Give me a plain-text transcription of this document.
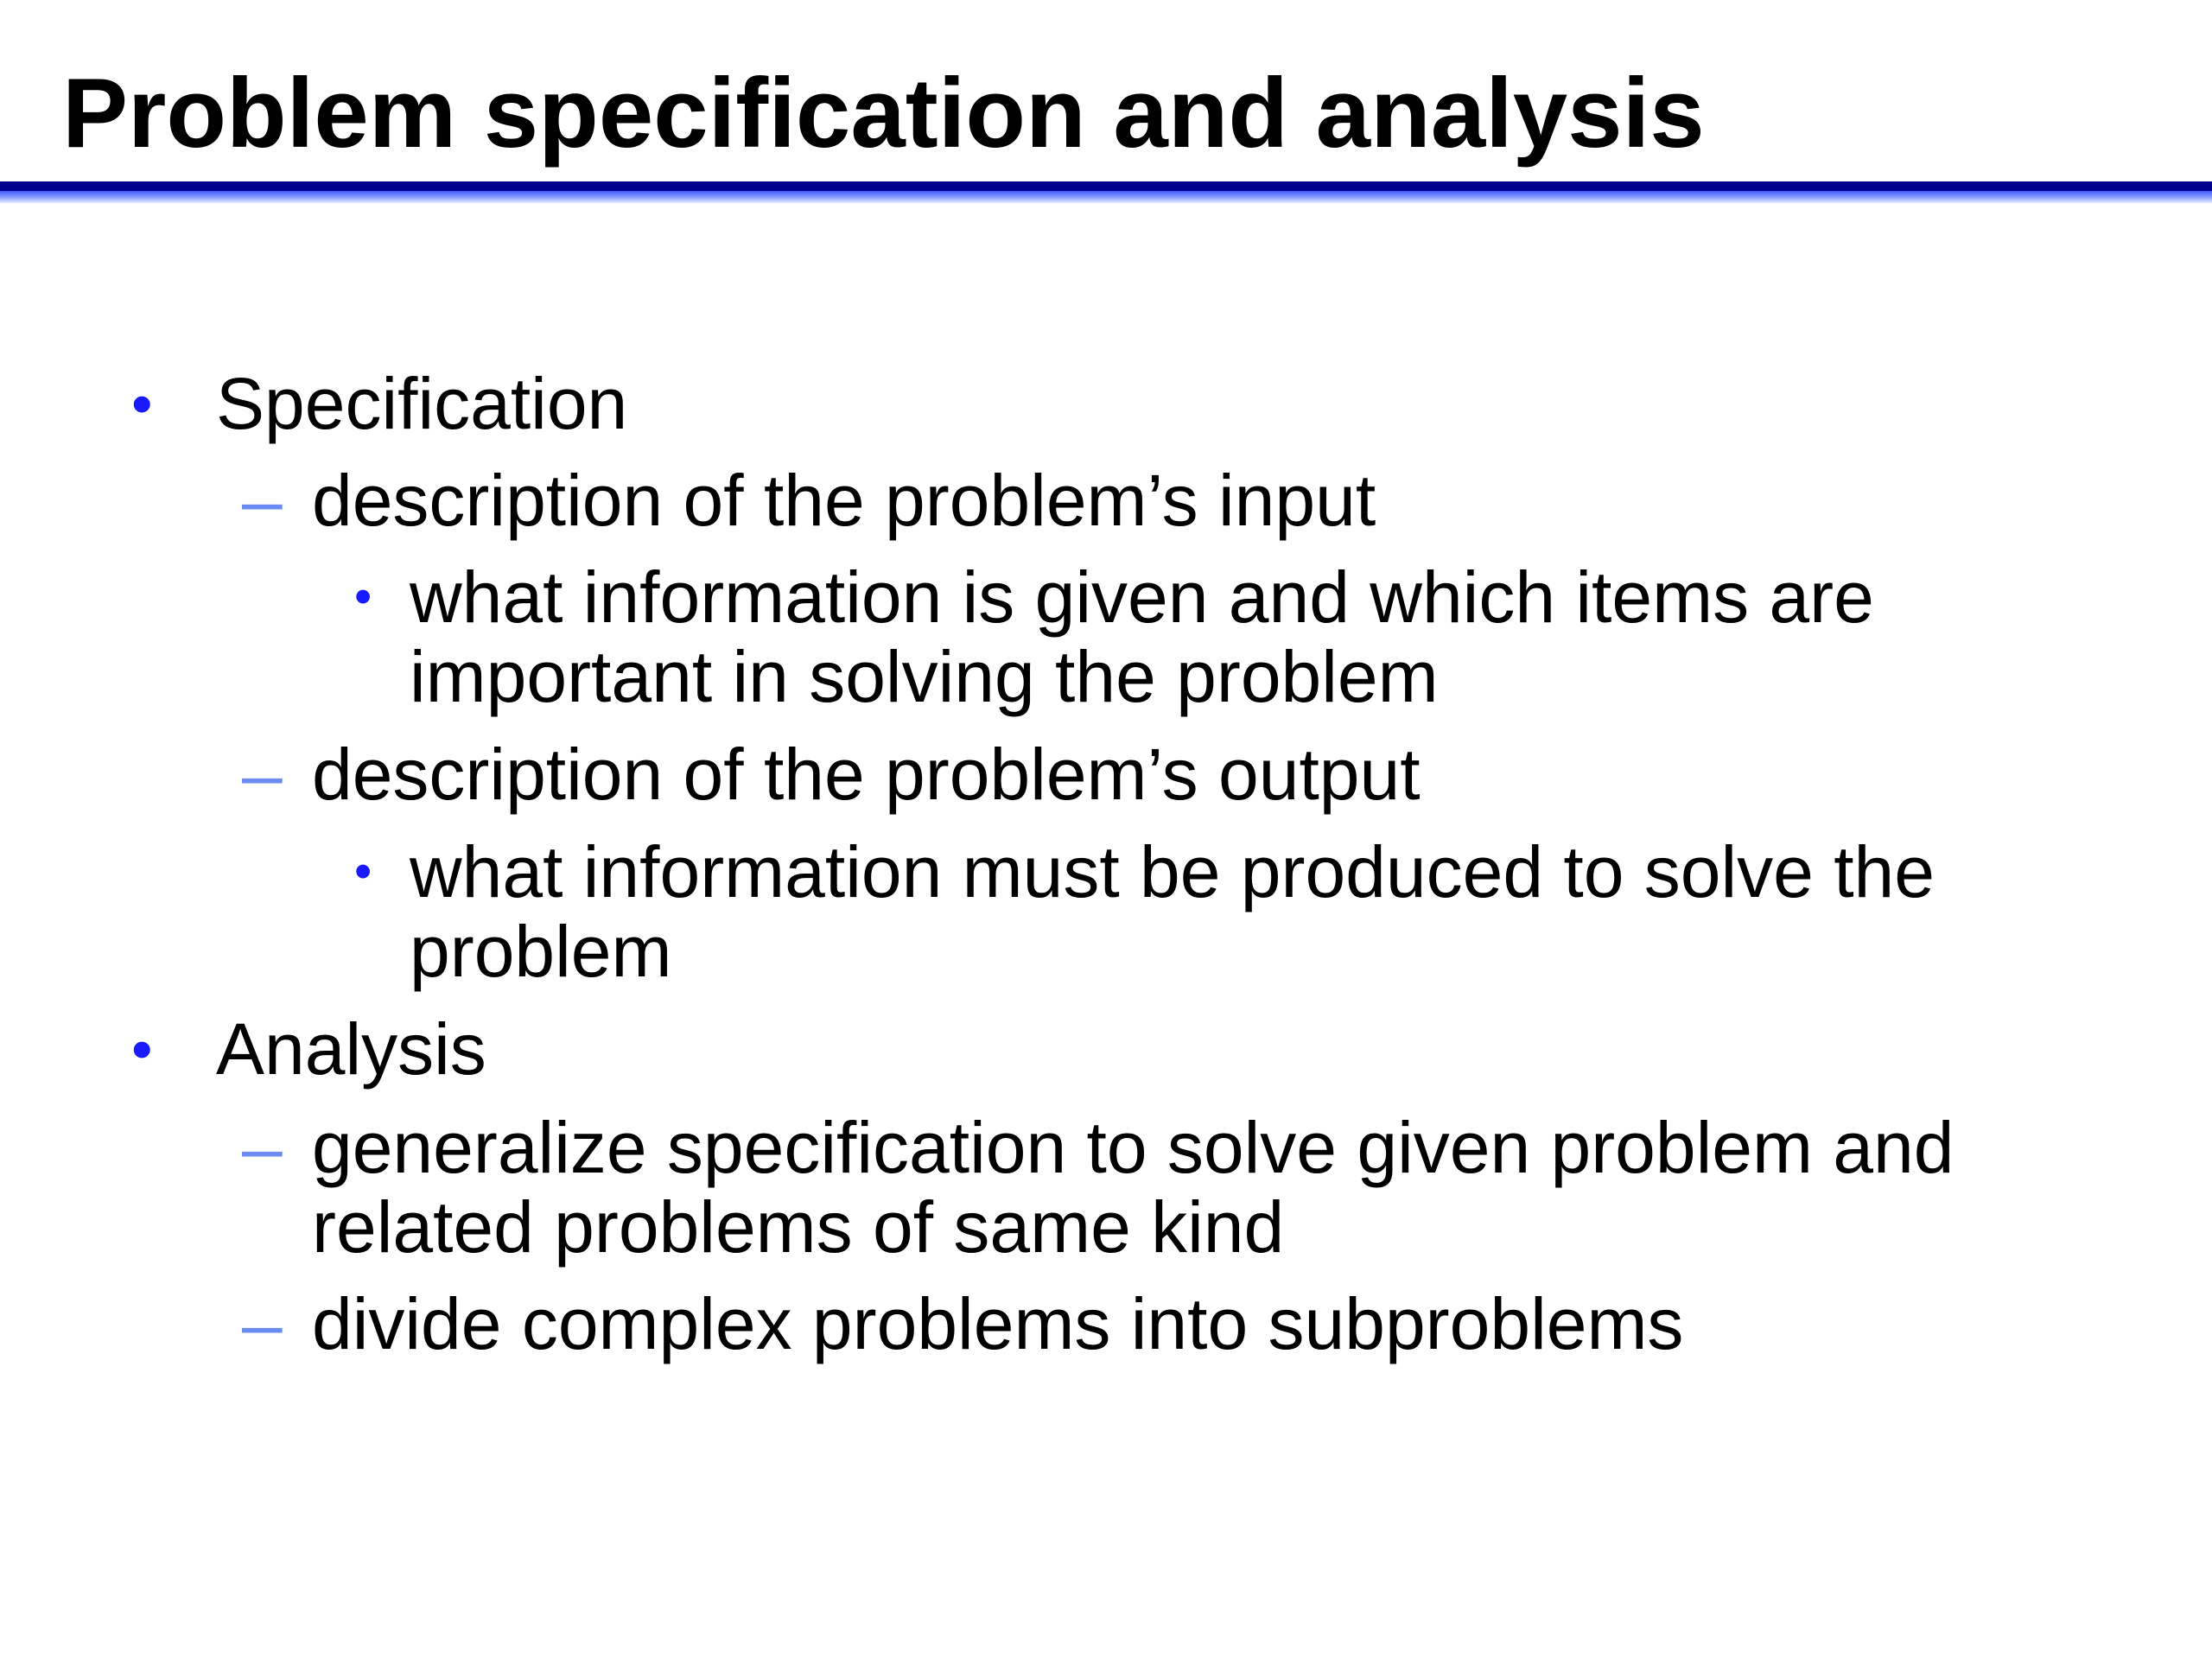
Problem specification and analysis
• Specification
– description of the problem’s input
• what information is given and which items are
important in solving the problem
– description of the problem’s output
• what information must be produced to solve the
problem
• Analysis
– generalize specification to solve given problem and
related problems of same kind
– divide complex problems into subproblems
